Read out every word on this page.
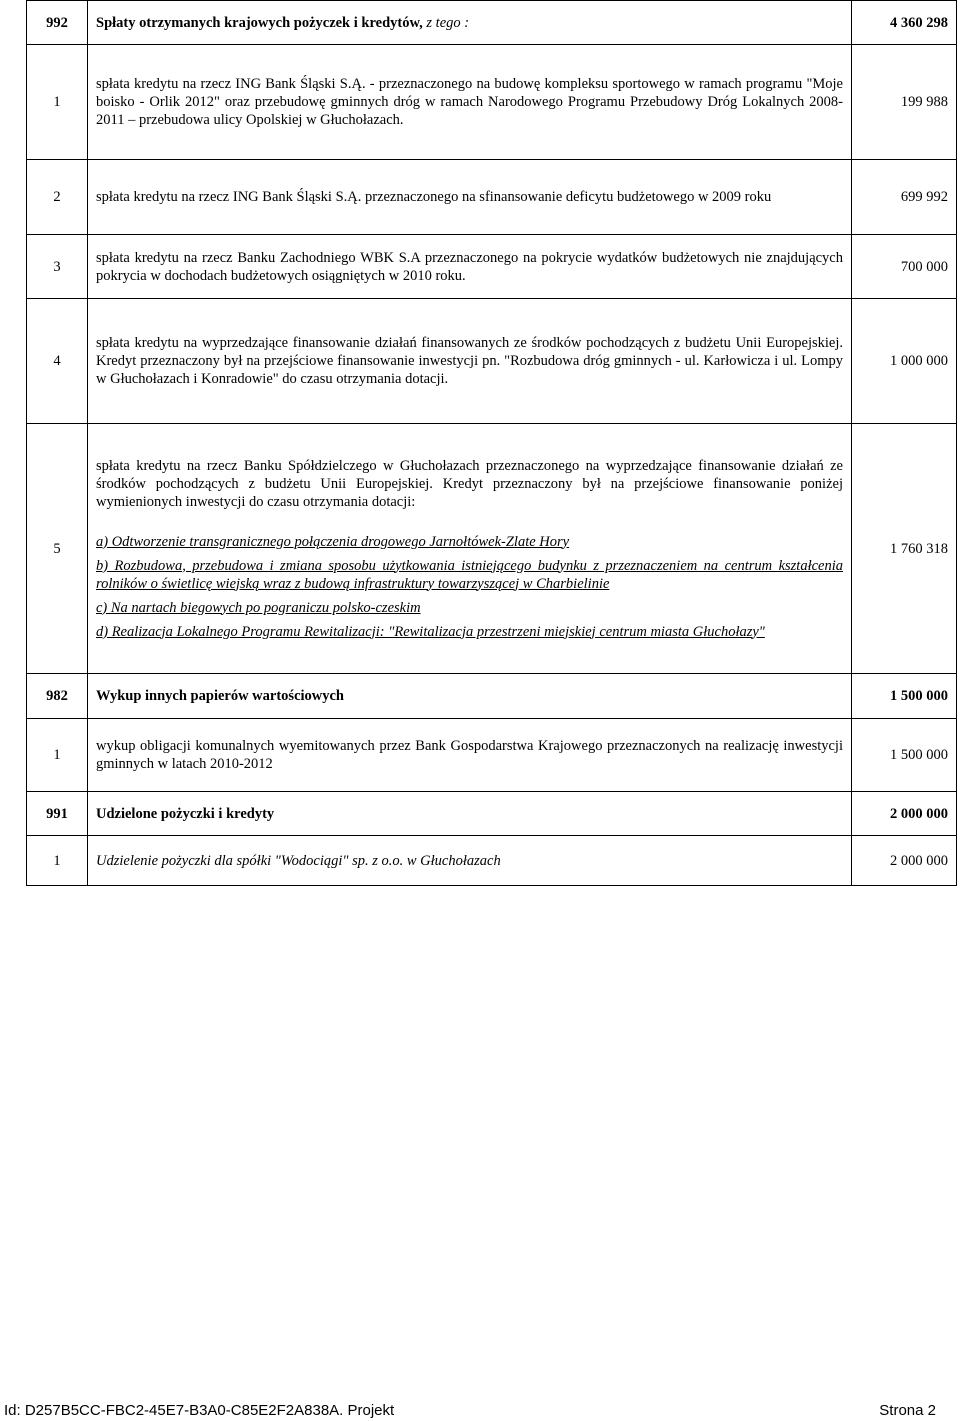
992	Spłaty otrzymanych krajowych pożyczek i kredytów, z tego :	4 360 298
1	spłata kredytu na rzecz ING Bank Śląski S.Ą. - przeznaczonego na budowę kompleksu sportowego w ramach programu "Moje boisko - Orlik 2012" oraz przebudowę gminnych dróg w ramach Narodowego Programu Przebudowy Dróg Lokalnych 2008-2011 – przebudowa ulicy Opolskiej w Głuchołazach.	199 988
2	spłata kredytu na rzecz ING Bank Śląski S.Ą. przeznaczonego na sfinansowanie deficytu budżetowego w 2009 roku	699 992
3	spłata kredytu na rzecz Banku Zachodniego WBK S.A przeznaczonego na pokrycie wydatków budżetowych nie znajdujących pokrycia w dochodach budżetowych osiągniętych w 2010 roku.	700 000
4	spłata kredytu na wyprzedzające finansowanie działań finansowanych ze środków pochodzących z budżetu Unii Europejskiej. Kredyt przeznaczony był na przejściowe finansowanie inwestycji pn. "Rozbudowa dróg gminnych - ul. Karłowicza i ul. Lompy w Głuchołazach i Konradowie" do czasu otrzymania dotacji.	1 000 000
5	spłata kredytu na rzecz Banku Spółdzielczego w Głuchołazach przeznaczonego na wyprzedzające finansowanie działań ze środków pochodzących z budżetu Unii Europejskiej. Kredyt przeznaczony był na przejściowe finansowanie poniżej wymienionych inwestycji do czasu otrzymania dotacji:
a) Odtworzenie transgranicznego połączenia drogowego Jarnołtówek-Zlate Hory
b) Rozbudowa, przebudowa i zmiana sposobu użytkowania istniejącego budynku z przeznaczeniem na centrum kształcenia rolników o świetlicę wiejską wraz z budową infrastruktury towarzyszącej w Charbielinie
c) Na nartach biegowych po pograniczu polsko-czeskim
d) Realizacja Lokalnego Programu Rewitalizacji: "Rewitalizacja przestrzeni miejskiej centrum miasta Głuchołazy"	1 760 318
982	Wykup innych papierów wartościowych	1 500 000
1	wykup obligacji komunalnych wyemitowanych przez Bank Gospodarstwa Krajowego przeznaczonych na realizację inwestycji gminnych w latach 2010-2012	1 500 000
991	Udzielone pożyczki i kredyty	2 000 000
1	Udzielenie pożyczki dla spółki "Wodociągi" sp. z o.o. w Głuchołazach	2 000 000
Id: D257B5CC-FBC2-45E7-B3A0-C85E2F2A838A. Projekt	Strona 2
